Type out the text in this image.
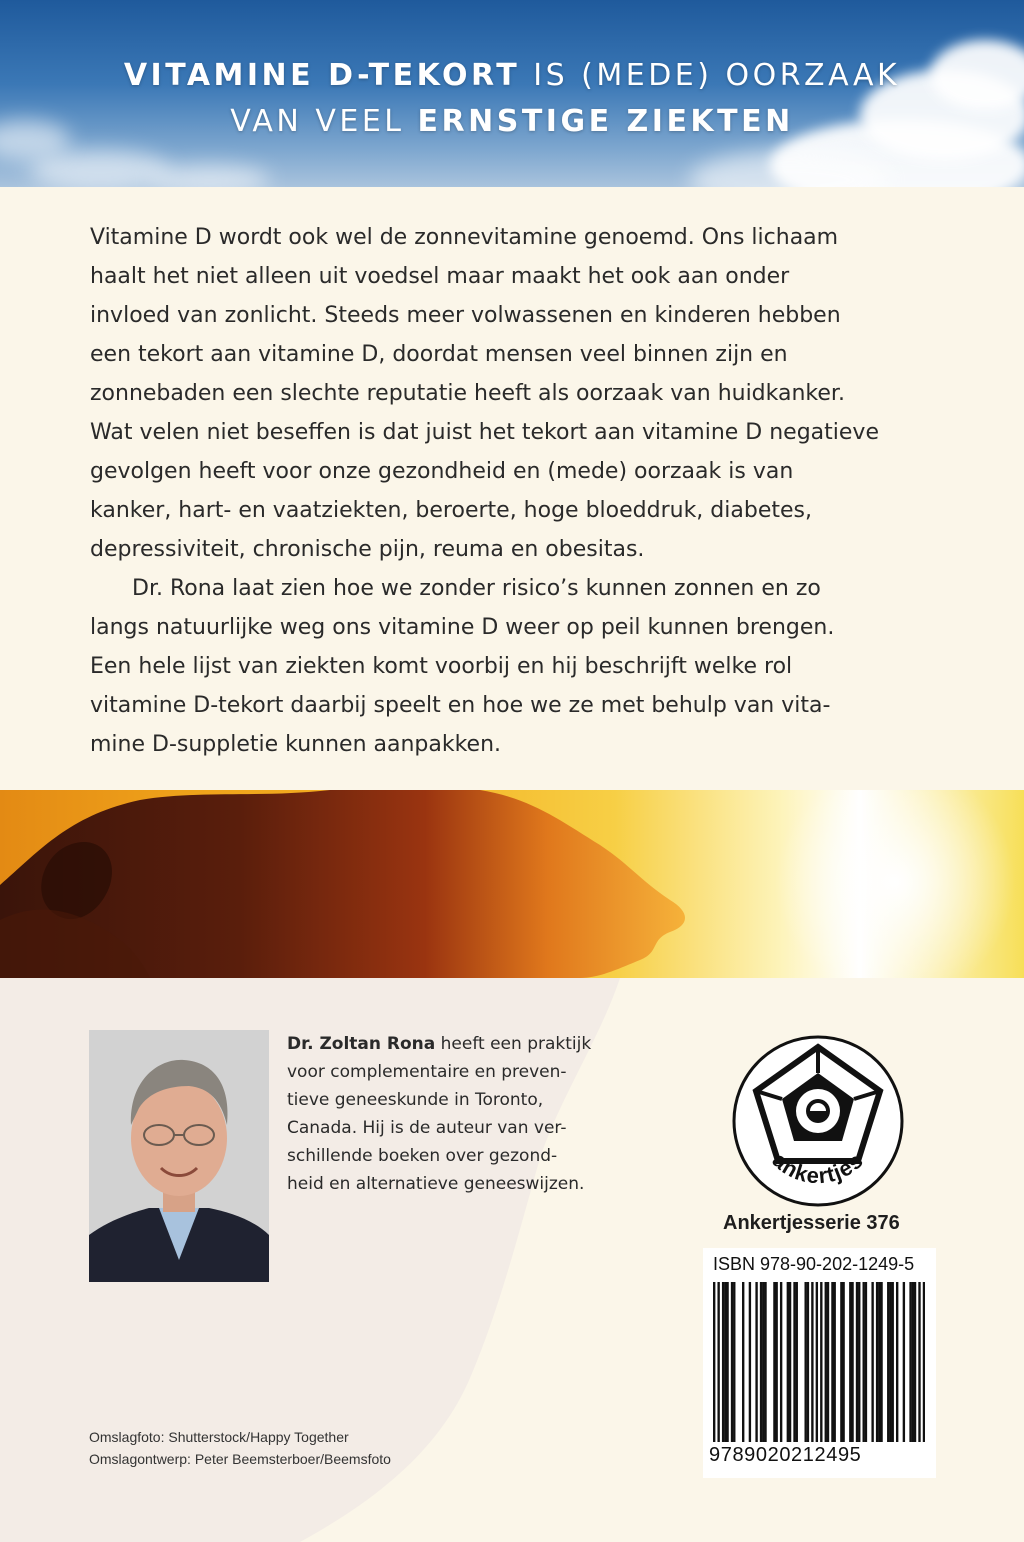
VITAMINE D-TEKORT IS (MEDE) OORZAAK
VAN VEEL ERNSTIGE ZIEKTEN
Vitamine D wordt ook wel de zonnevitamine genoemd. Ons lichaam
haalt het niet alleen uit voedsel maar maakt het ook aan onder
invloed van zonlicht. Steeds meer volwassenen en kinderen hebben
een tekort aan vitamine D, doordat mensen veel binnen zijn en
zonnebaden een slechte reputatie heeft als oorzaak van huidkanker.
Wat velen niet beseffen is dat juist het tekort aan vitamine D negatieve
gevolgen heeft voor onze gezondheid en (mede) oorzaak is van
kanker, hart- en vaatziekten, beroerte, hoge bloeddruk, diabetes,
depressiviteit, chronische pijn, reuma en obesitas.
Dr. Rona laat zien hoe we zonder risico’s kunnen zonnen en zo
langs natuurlijke weg ons vitamine D weer op peil kunnen brengen.
Een hele lijst van ziekten komt voorbij en hij beschrijft welke rol
vitamine D-tekort daarbij speelt en hoe we ze met behulp van vita-
mine D-suppletie kunnen aanpakken.
Dr. Zoltan Rona heeft een praktijk
voor complementaire en preven-
tieve geneeskunde in Toronto,
Canada. Hij is de auteur van ver-
schillende boeken over gezond-
heid en alternatieve geneeswijzen.
ankertjes
Ankertjesserie 376
ISBN 978-90-202-1249-5
9789020212495
Omslagfoto: Shutterstock/Happy Together
Omslagontwerp: Peter Beemsterboer/Beemsfoto
